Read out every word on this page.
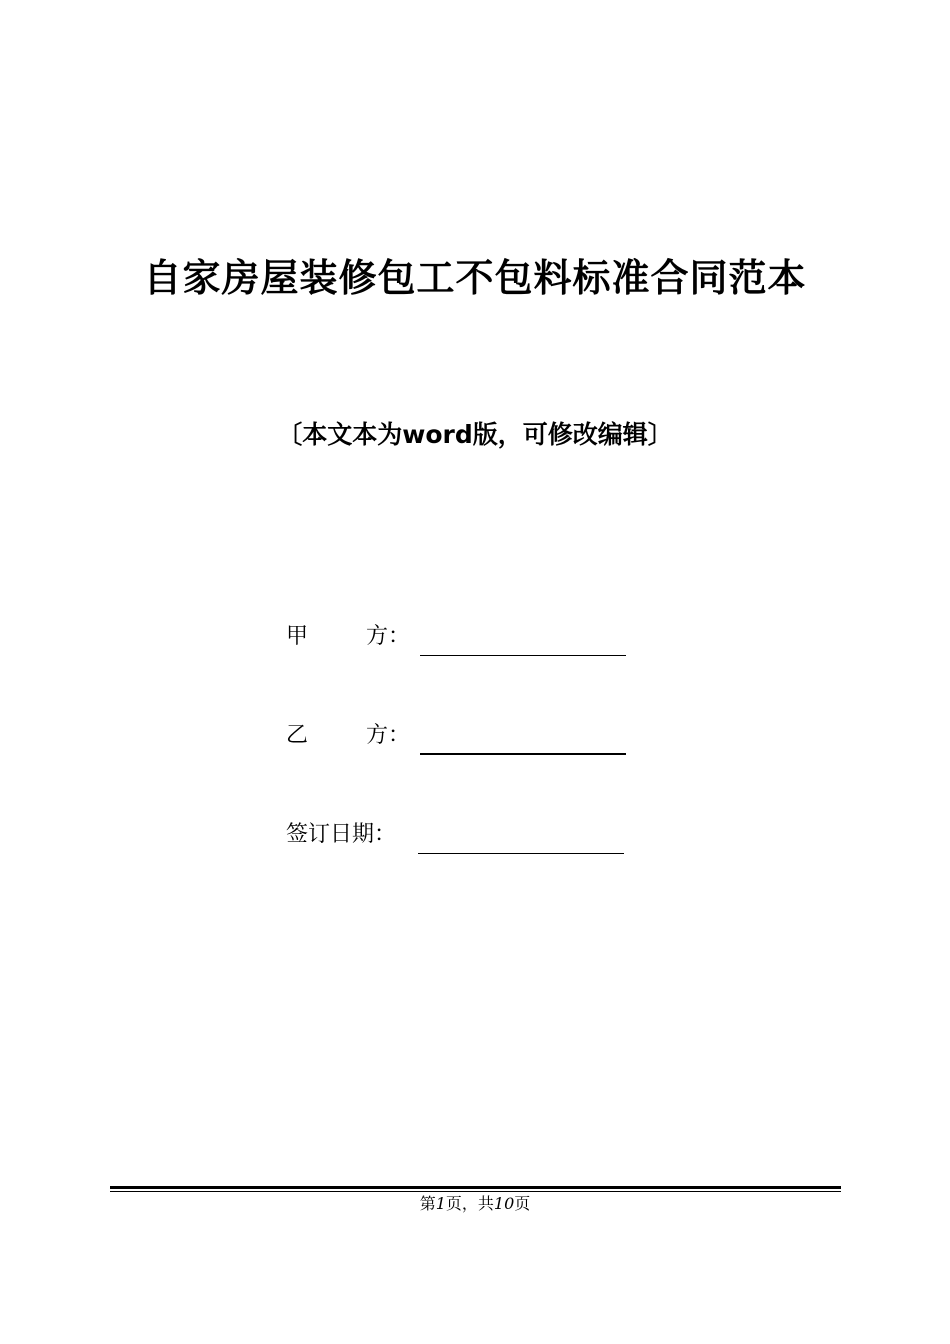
自家房屋装修包工不包料标准合同范本
〔本文本为word版，可修改编辑〕
甲	方：
乙	方：
签订日期：
第1页，共10页
